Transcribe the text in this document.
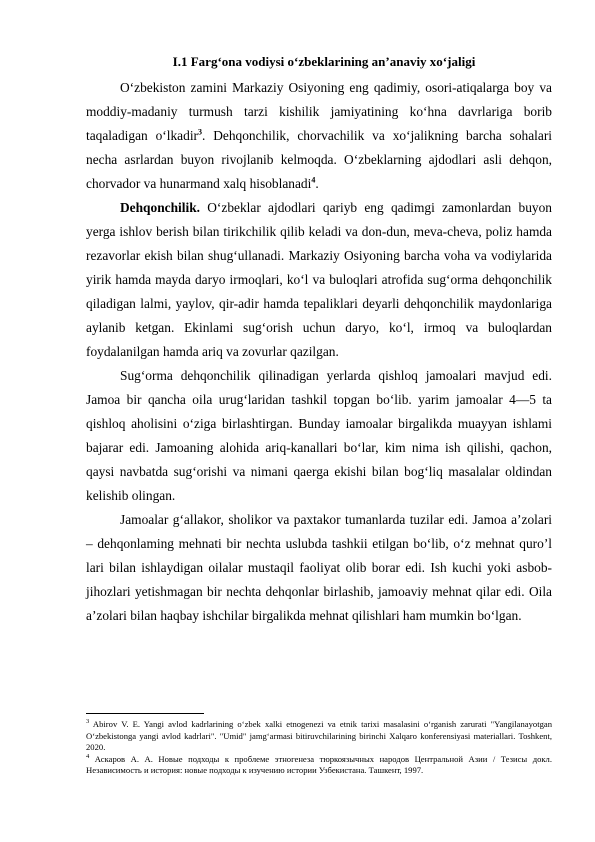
I.1 Farg‘ona vodiysi o‘zbeklarining an’anaviy xo‘jaligi

O‘zbekiston zamini Markaziy Osiyoning eng qadimiy, osori-atiqalarga boy va moddiy-madaniy turmush tarzi kishilik jamiyatining ko‘hna davrlariga borib taqaladigan o‘lkadir$^3$. Dehqonchilik, chorvachilik va xo‘jalikning barcha sohalari necha asrlardan buyon rivojlanib kelmoqda. O‘zbeklarning ajdodlari asli dehqon, chorvador va hunarmand xalq hisoblanadi$^4$.

Dehqonchilik. O‘zbeklar ajdodlari qariyb eng qadimgi zamonlardan buyon yerga ishlov berish bilan tirikchilik qilib keladi va don-dun, meva-cheva, poliz hamda rezavorlar ekish bilan shug‘ullanadi. Markaziy Osiyoning barcha voha va vodiylarida yirik hamda mayda daryo irmoqlari, ko‘l va buloqlari atrofida sug‘orma dehqonchilik qiladigan lalmi, yaylov, qir-adir hamda tepaliklari deyarli dehqonchilik maydonlariga aylanib ketgan. Ekinlami sug‘orish uchun daryo, ko‘l, irmoq va buloqlardan foydalanilgan hamda ariq va zovurlar qazilgan.

Sug‘orma dehqonchilik qilinadigan yerlarda qishloq jamoalari mavjud edi. Jamoa bir qancha oila urug‘laridan tashkil topgan bo‘lib. yarim jamoalar 4—5 ta qishloq aholisini o‘ziga birlashtirgan. Bunday iamoalar birgalikda muayyan ishlami bajarar edi. Jamoaning alohida ariq-kanallari bo‘lar, kim nima ish qilishi, qachon, qaysi navbatda sug‘orishi va nimani qaerga ekishi bilan bog‘liq masalalar oldindan kelishib olingan.

Jamoalar g‘allakor, sholikor va paxtakor tumanlarda tuzilar edi. Jamoa a’zolari – dehqonlaming mehnati bir nechta uslubda tashkii etilgan bo‘lib, o‘z mehnat quro’l lari bilan ishlaydigan oilalar mustaqil faoliyat olib borar edi. Ish kuchi yoki asbob-jihozlari yetishmagan bir nechta dehqonlar birlashib, jamoaviy mehnat qilar edi. Oila a’zolari bilan haqbay ishchilar birgalikda mehnat qilishlari ham mumkin bo‘lgan.

$^3$ Abirov V. E. Yangi avlod kadrlarining o‘zbek xalki etnogenezi va etnik tarixi masalasini o‘rganish zarurati "Yangilanayotgan O‘zbekistonga yangi avlod kadrlari". "Umid" jamg‘armasi bitiruvchilarining birinchi Xalqaro konferensiyasi materiallari. Toshkent, 2020.

$^4$ Аскаров А. А. Новые подходы к проблеме этногенеза тюркоязычных народов Центральной Азии / Тезисы докл. Независимость и история: новые подходы к изучению истории Узбекистана. Ташкент, 1997.
